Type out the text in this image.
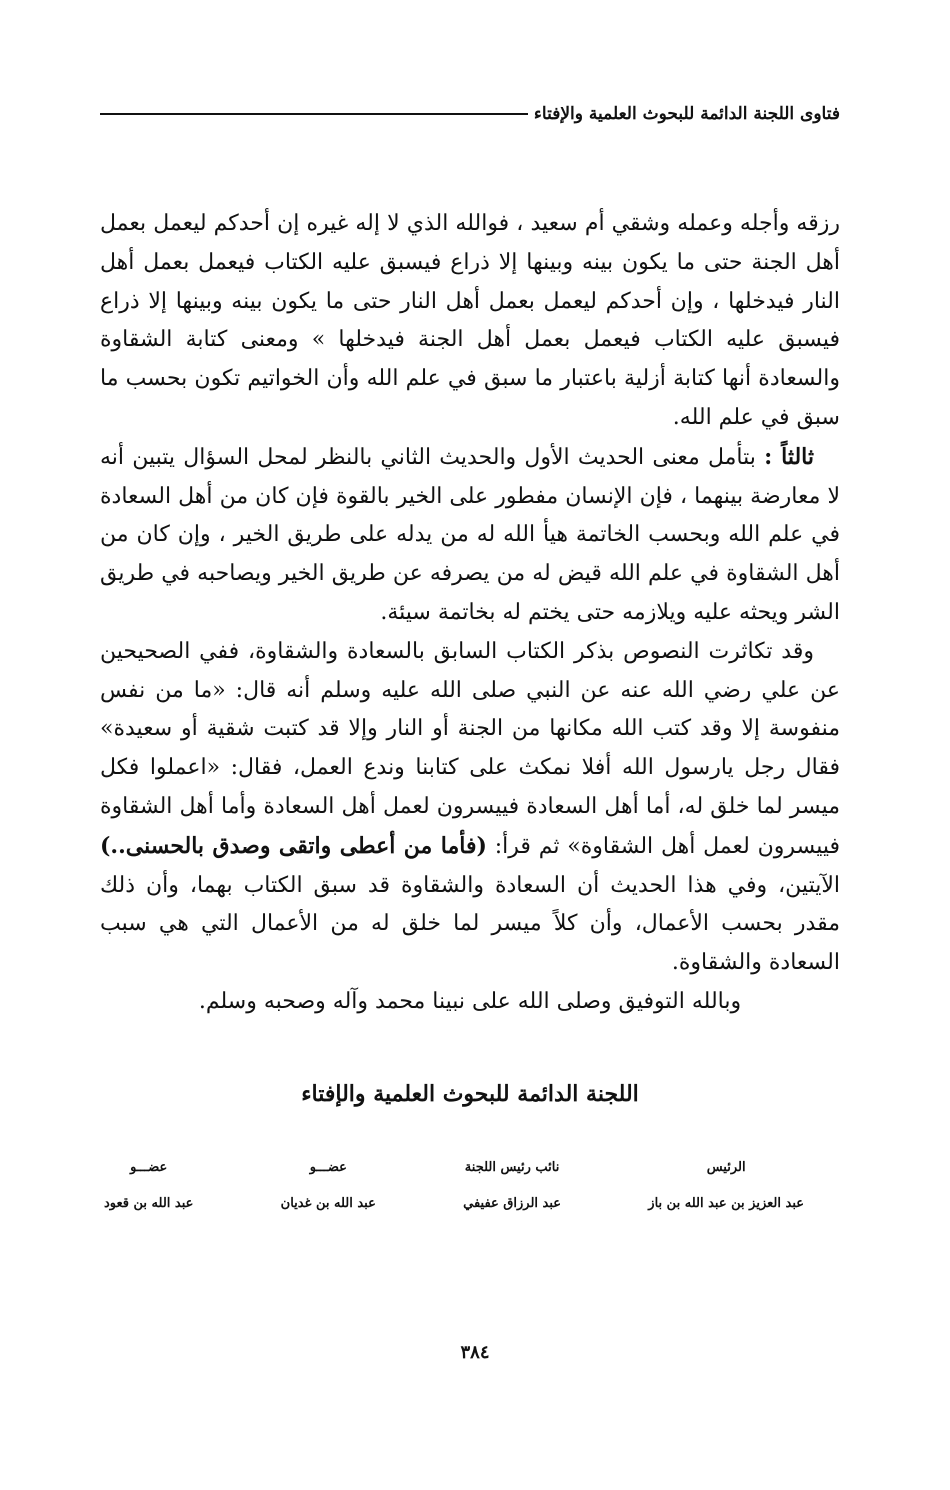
فتاوى اللجنة الدائمة للبحوث العلمية والإفتاء

رزقه وأجله وعمله وشقي أم سعيد ، فوالله الذي لا إله غيره إن أحدكم ليعمل بعمل أهل الجنة حتى ما يكون بينه وبينها إلا ذراع فيسبق عليه الكتاب فيعمل بعمل أهل النار فيدخلها ، وإن أحدكم ليعمل بعمل أهل النار حتى ما يكون بينه وبينها إلا ذراع فيسبق عليه الكتاب فيعمل بعمل أهل الجنة فيدخلها » ومعنى كتابة الشقاوة والسعادة أنها كتابة أزلية باعتبار ما سبق في علم الله وأن الخواتيم تكون بحسب ما سبق في علم الله.

ثالثاً : بتأمل معنى الحديث الأول والحديث الثاني بالنظر لمحل السؤال يتبين أنه لا معارضة بينهما ، فإن الإنسان مفطور على الخير بالقوة فإن كان من أهل السعادة في علم الله وبحسب الخاتمة هيأ الله له من يدله على طريق الخير ، وإن كان من أهل الشقاوة في علم الله قيض له من يصرفه عن طريق الخير ويصاحبه في طريق الشر ويحثه عليه ويلازمه حتى يختم له بخاتمة سيئة.

وقد تكاثرت النصوص بذكر الكتاب السابق بالسعادة والشقاوة، ففي الصحيحين عن علي رضي الله عنه عن النبي صلى الله عليه وسلم أنه قال: «ما من نفس منفوسة إلا وقد كتب الله مكانها من الجنة أو النار وإلا قد كتبت شقية أو سعيدة» فقال رجل يارسول الله أفلا نمكث على كتابنا وندع العمل، فقال: «اعملوا فكل ميسر لما خلق له، أما أهل السعادة فييسرون لعمل أهل السعادة وأما أهل الشقاوة فييسرون لعمل أهل الشقاوة» ثم قرأ: (فأما من أعطى واتقى وصدق بالحسنى..) الآيتين، وفي هذا الحديث أن السعادة والشقاوة قد سبق الكتاب بهما، وأن ذلك مقدر بحسب الأعمال، وأن كلاً ميسر لما خلق له من الأعمال التي هي سبب السعادة والشقاوة.

وبالله التوفيق وصلى الله على نبينا محمد وآله وصحبه وسلم.

اللجنة الدائمة للبحوث العلمية والإفتاء
الرئيس
عبد العزيز بن عبد الله بن باز
نائب رئيس اللجنة
عبد الرزاق عفيفي
عضـــو
عبد الله بن غديان
عضـــو
عبد الله بن قعود
٣٨٤
